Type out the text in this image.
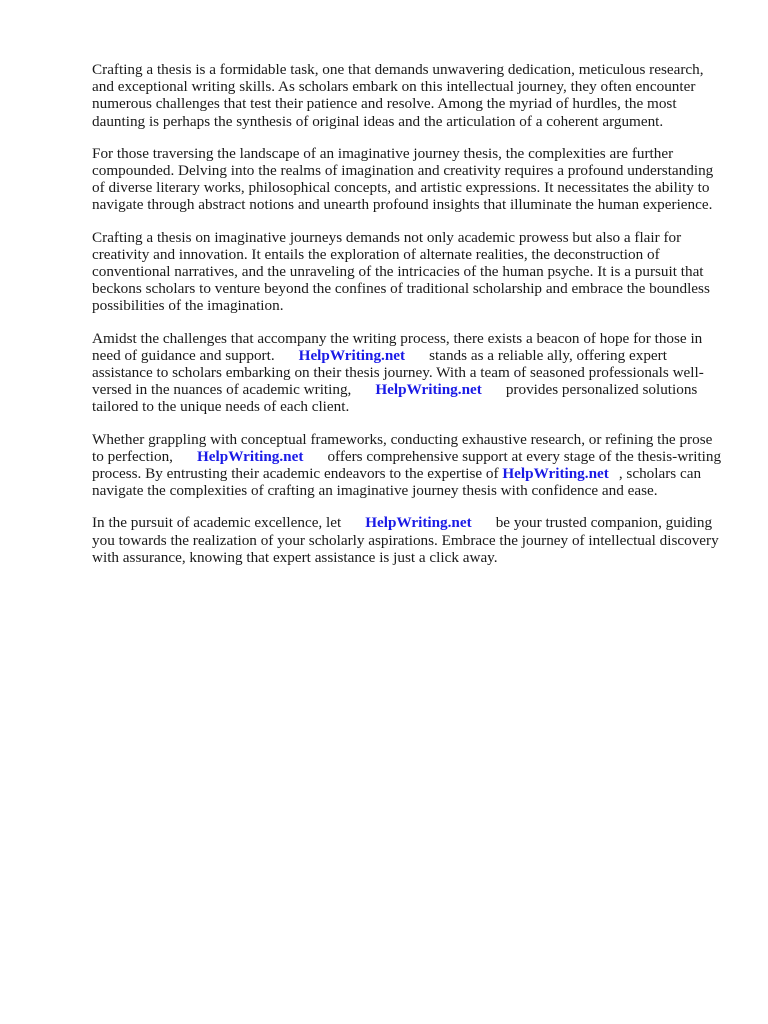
Crafting a thesis is a formidable task, one that demands unwavering dedication, meticulous research, and exceptional writing skills. As scholars embark on this intellectual journey, they often encounter numerous challenges that test their patience and resolve. Among the myriad of hurdles, the most daunting is perhaps the synthesis of original ideas and the articulation of a coherent argument.

For those traversing the landscape of an imaginative journey thesis, the complexities are further compounded. Delving into the realms of imagination and creativity requires a profound understanding of diverse literary works, philosophical concepts, and artistic expressions. It necessitates the ability to navigate through abstract notions and unearth profound insights that illuminate the human experience.

Crafting a thesis on imaginative journeys demands not only academic prowess but also a flair for creativity and innovation. It entails the exploration of alternate realities, the deconstruction of conventional narratives, and the unraveling of the intricacies of the human psyche. It is a pursuit that beckons scholars to venture beyond the confines of traditional scholarship and embrace the boundless possibilities of the imagination.

Amidst the challenges that accompany the writing process, there exists a beacon of hope for those in need of guidance and support. HelpWriting.net stands as a reliable ally, offering expert assistance to scholars embarking on their thesis journey. With a team of seasoned professionals well-versed in the nuances of academic writing, HelpWriting.net provides personalized solutions tailored to the unique needs of each client.

Whether grappling with conceptual frameworks, conducting exhaustive research, or refining the prose to perfection, HelpWriting.net offers comprehensive support at every stage of the thesis-writing process. By entrusting their academic endeavors to the expertise of HelpWriting.net , scholars can navigate the complexities of crafting an imaginative journey thesis with confidence and ease.

In the pursuit of academic excellence, let HelpWriting.net be your trusted companion, guiding you towards the realization of your scholarly aspirations. Embrace the journey of intellectual discovery with assurance, knowing that expert assistance is just a click away.
